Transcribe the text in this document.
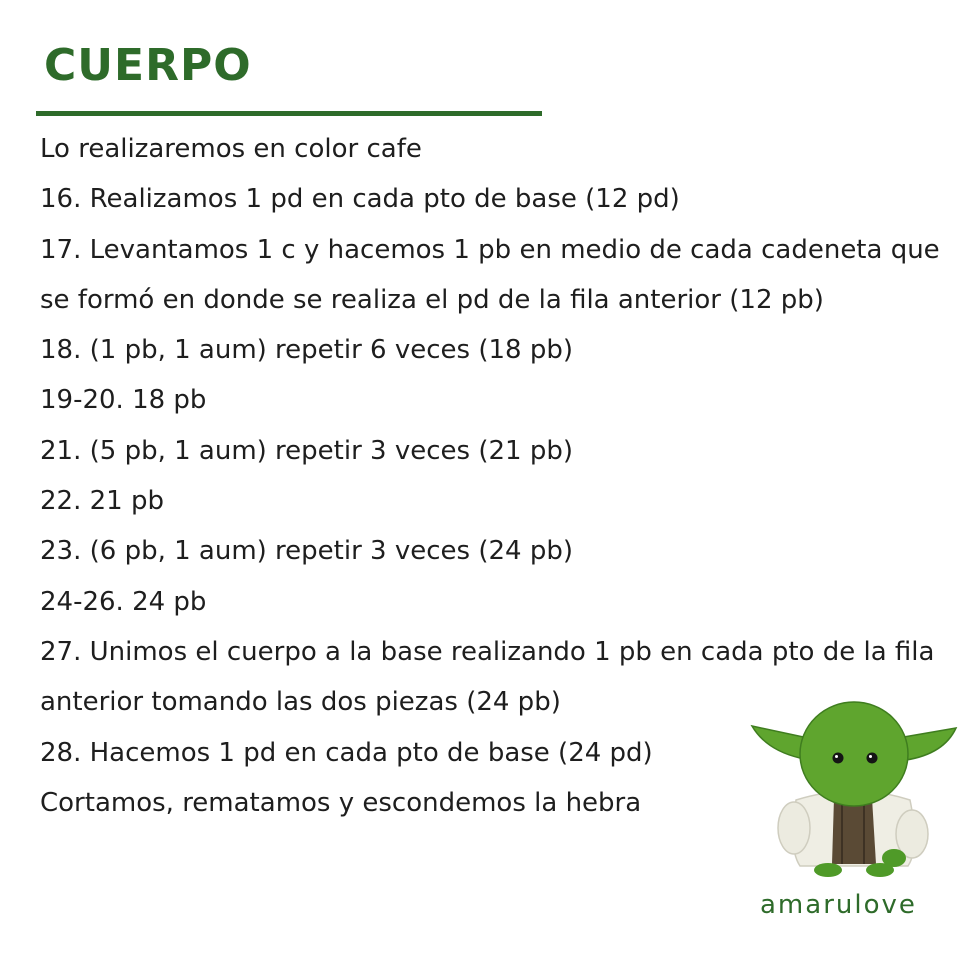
CUERPO
Lo realizaremos en color cafe
16. Realizamos 1 pd en cada pto de base (12 pd)
17. Levantamos 1 c y hacemos 1 pb en medio de cada cadeneta que se formó en donde se realiza el pd de la fila anterior (12 pb)
18. (1 pb, 1 aum) repetir 6 veces (18 pb)
19-20. 18 pb
21. (5 pb, 1 aum) repetir 3 veces (21 pb)
22. 21 pb
23. (6 pb, 1 aum) repetir 3 veces (24 pb)
24-26. 24 pb
27. Unimos el cuerpo a la base realizando 1 pb en cada pto de la fila anterior tomando las dos piezas (24 pb)
28. Hacemos 1 pd en cada pto de base (24 pd)
Cortamos, rematamos y escondemos la hebra
amarulove
